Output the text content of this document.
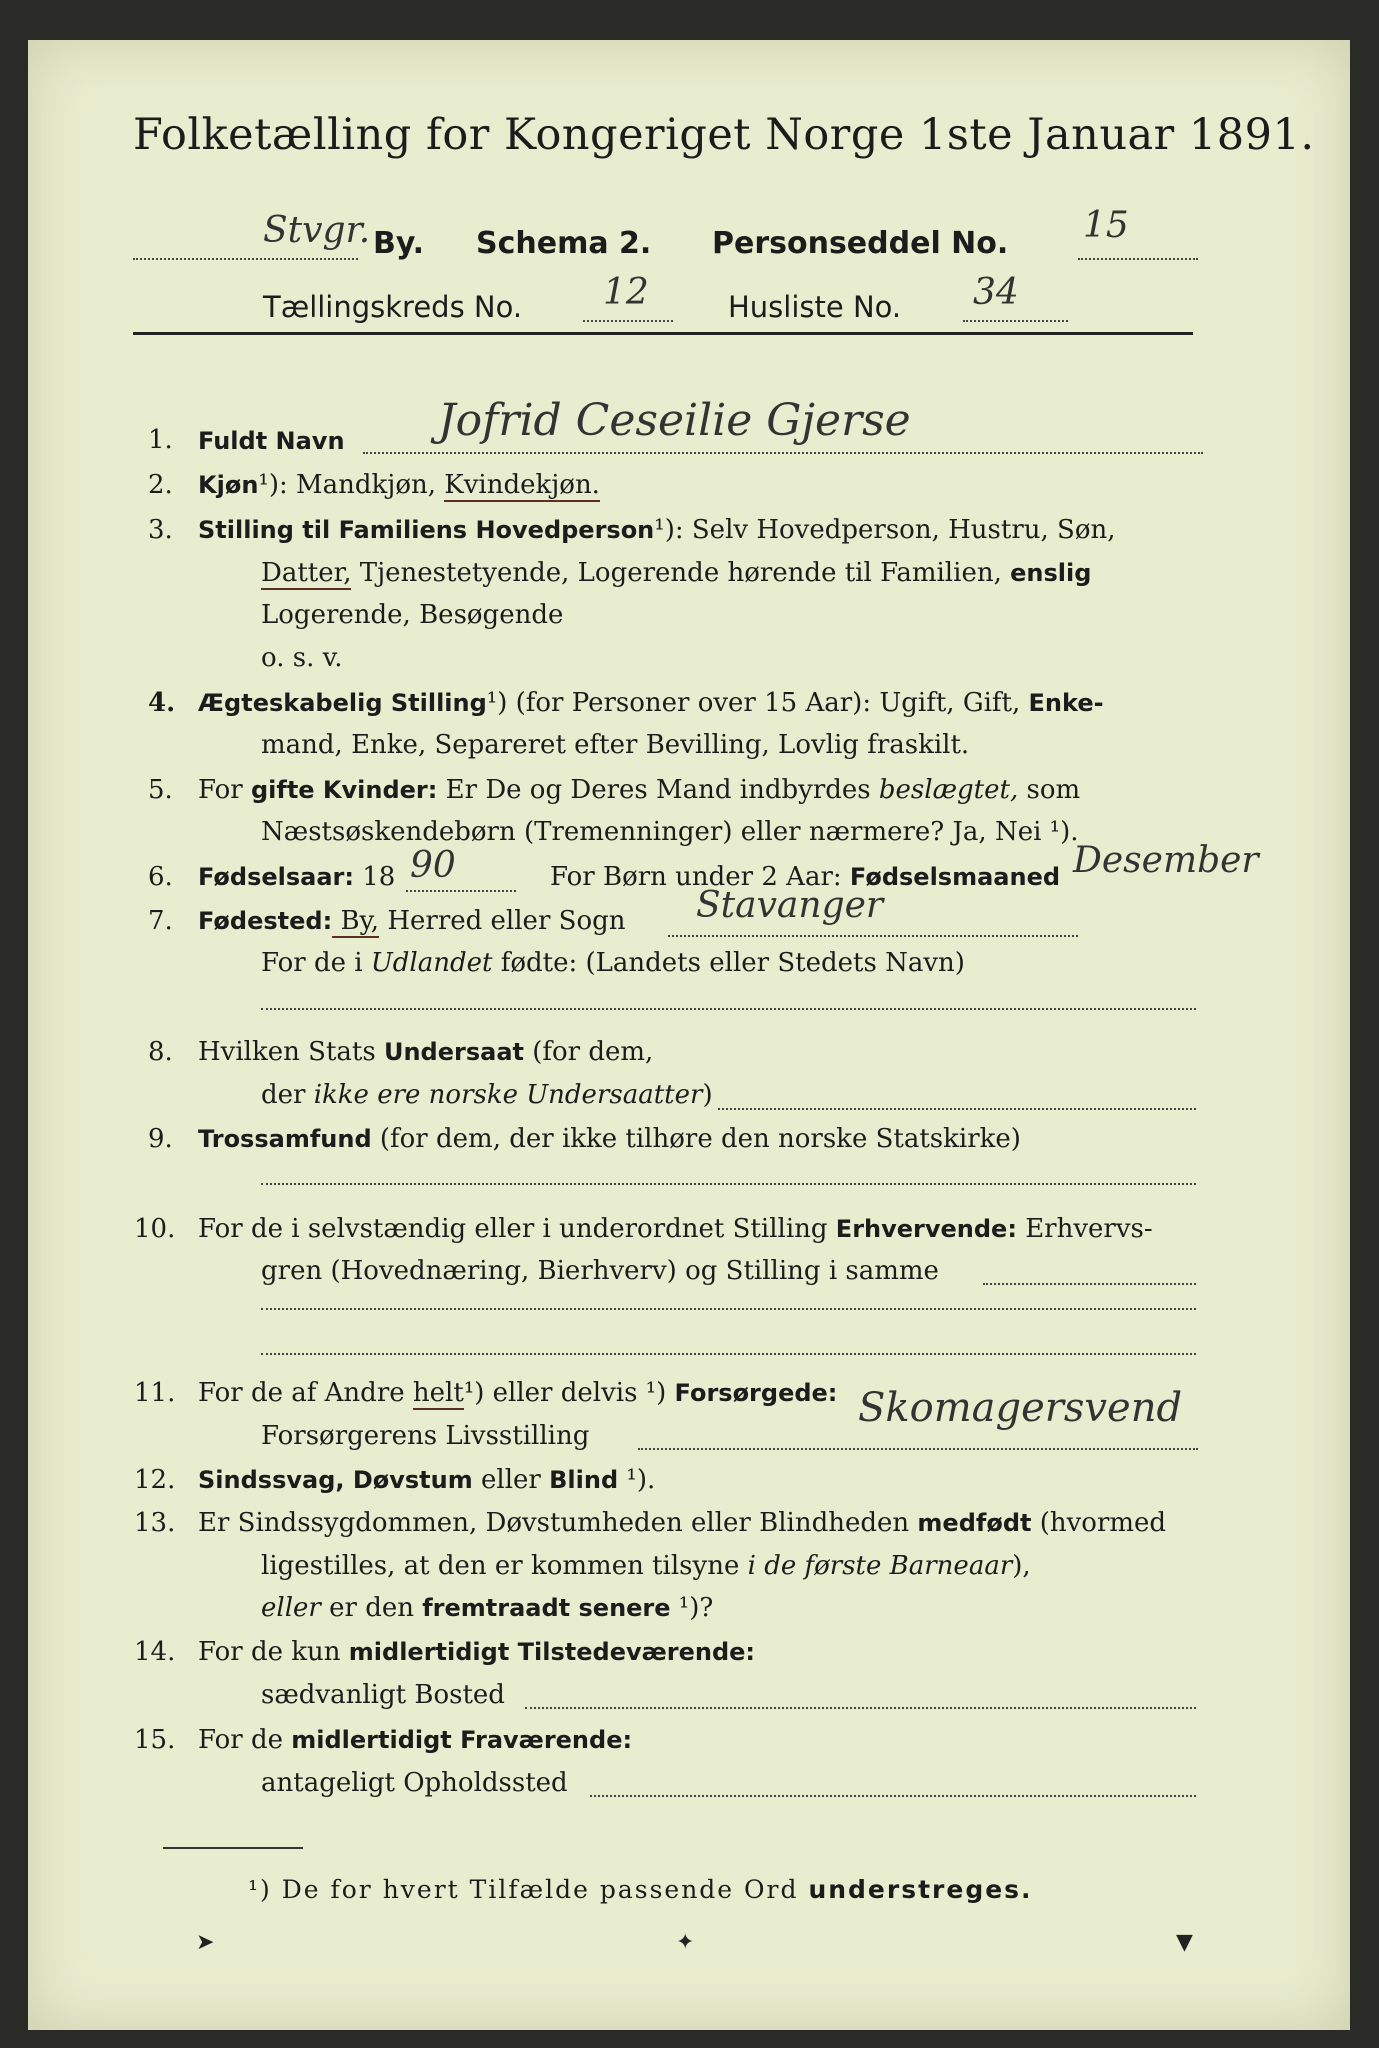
Folketælling for Kongeriget Norge 1ste Januar 1891.
Stvgr. By. Schema 2. Personseddel No. 15
Tællingskreds No. 12	Husliste No. 34
1. Fuldt Navn Jofrid Ceseilie Gjerse
2. Kjøn¹): Mandkjøn, Kvindekjøn.
3. Stilling til Familiens Hovedperson¹): Selv Hovedperson, Hustru, Søn,
Datter, Tjenestetyende, Logerende hørende til Familien, enslig
Logerende, Besøgende
o. s. v.
4. Ægteskabelig Stilling¹) (for Personer over 15 Aar): Ugift, Gift, Enke-
mand, Enke, Separeret efter Bevilling, Lovlig fraskilt.
5. For gifte Kvinder: Er De og Deres Mand indbyrdes beslægtet, som
Næstsøskendebørn (Tremenninger) eller nærmere? Ja, Nei ¹).
6. Fødselsaar: 18 90	For Børn under 2 Aar: Fødselsmaaned Desember
7. Fødested: By, Herred eller Sogn Stavanger
For de i Udlandet fødte: (Landets eller Stedets Navn)
8. Hvilken Stats Undersaat (for dem,
der ikke ere norske Undersaatter)
9. Trossamfund (for dem, der ikke tilhøre den norske Statskirke)
10. For de i selvstændig eller i underordnet Stilling Erhvervende: Erhvervs-
gren (Hovednæring, Bierhverv) og Stilling i samme
11. For de af Andre helt¹) eller delvis ¹) Forsørgede:
Forsørgerens Livsstilling
Skomagersvend
12. Sindssvag, Døvstum eller Blind ¹).
13. Er Sindssygdommen, Døvstumheden eller Blindheden medfødt (hvormed
ligestilles, at den er kommen tilsyne i de første Barneaar),
eller er den fremtraadt senere ¹)?
14. For de kun midlertidigt Tilstedeværende:
sædvanligt Bosted
15. For de midlertidigt Fraværende:
antageligt Opholdssted
¹) De for hvert Tilfælde passende Ord understreges.
➤	✦	▼
